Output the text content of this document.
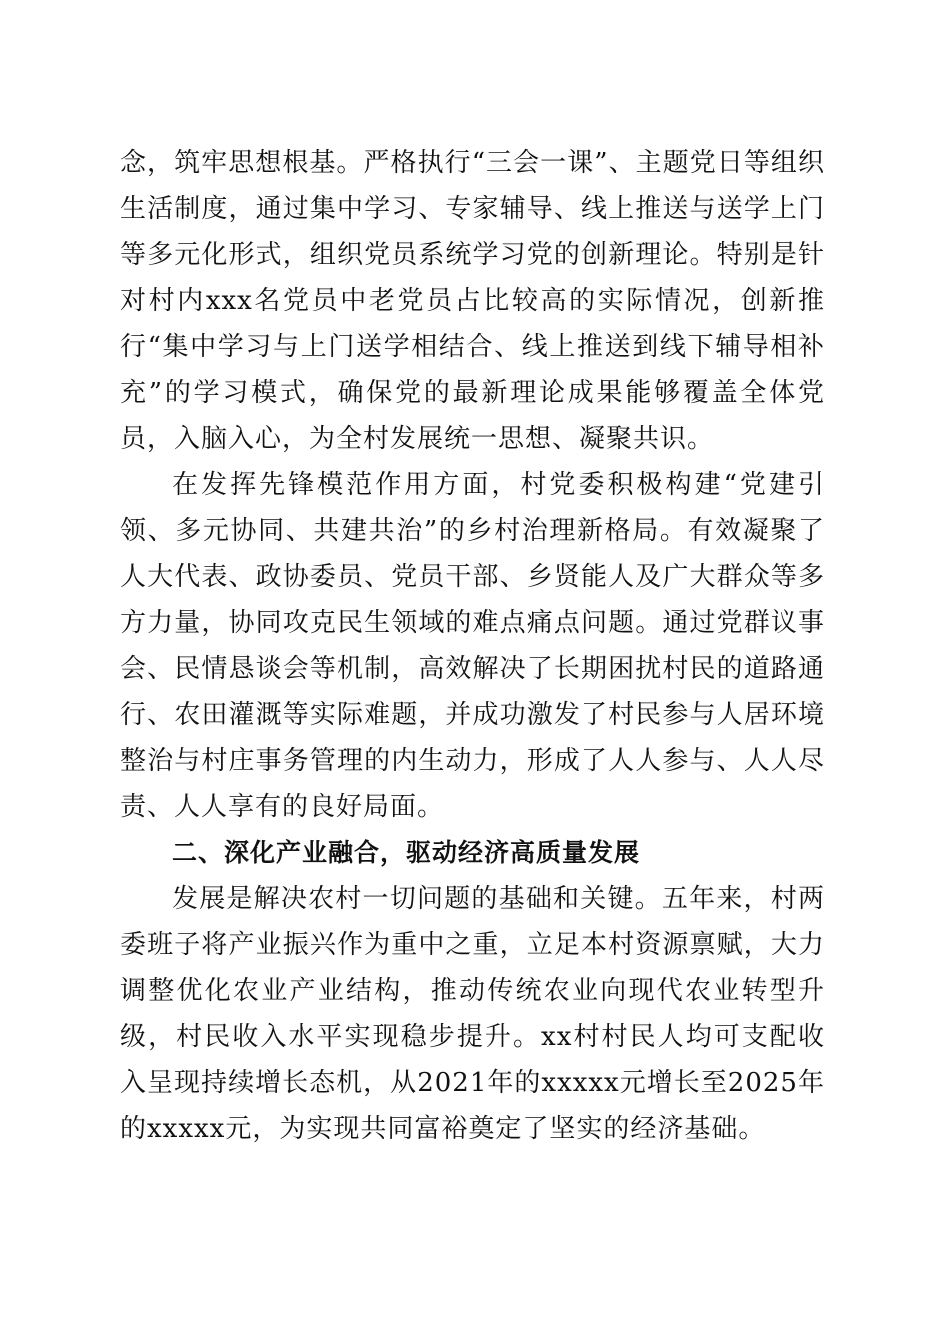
念，筑牢思想根基。严格执行“三会一课”、主题党日等组织生活制度，通过集中学习、专家辅导、线上推送与送学上门等多元化形式，组织党员系统学习党的创新理论。特别是针对村内xxx名党员中老党员占比较高的实际情况，创新推行“集中学习与上门送学相结合、线上推送到线下辅导相补充”的学习模式，确保党的最新理论成果能够覆盖全体党员，入脑入心，为全村发展统一思想、凝聚共识。

在发挥先锋模范作用方面，村党委积极构建“党建引领、多元协同、共建共治”的乡村治理新格局。有效凝聚了人大代表、政协委员、党员干部、乡贤能人及广大群众等多方力量，协同攻克民生领域的难点痛点问题。通过党群议事会、民情恳谈会等机制，高效解决了长期困扰村民的道路通行、农田灌溉等实际难题，并成功激发了村民参与人居环境整治与村庄事务管理的内生动力，形成了人人参与、人人尽责、人人享有的良好局面。

二、深化产业融合，驱动经济高质量发展

发展是解决农村一切问题的基础和关键。五年来，村两委班子将产业振兴作为重中之重，立足本村资源禀赋，大力调整优化农业产业结构，推动传统农业向现代农业转型升级，村民收入水平实现稳步提升。xx村村民人均可支配收入呈现持续增长态机，从2021年的xxxxx元增长至2025年的xxxxx元，为实现共同富裕奠定了坚实的经济基础。
